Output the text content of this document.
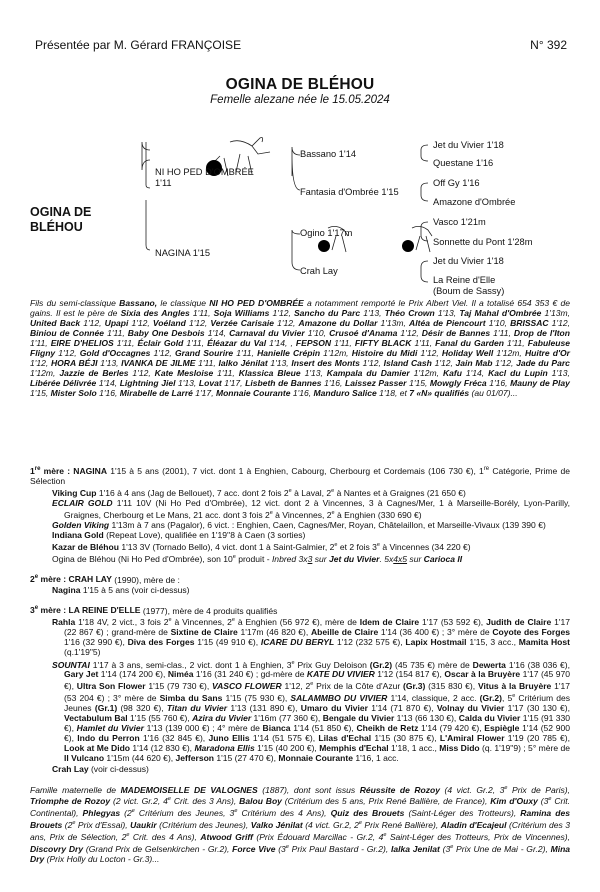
Présentée par M. Gérard FRANÇOISE	N° 392
OGINA DE BLÉHOU
Femelle alezane née le 15.05.2024
OGINA DE
BLÉHOU
NI HO PED D'OMBRÉE
1'11
NAGINA 1'15
Bassano 1'14
Fantasia d'Ombrée 1'15
Ogino 1'17m
Crah Lay
Jet du Vivier 1'18
Questane 1'16
Off Gy 1'16
Amazone d'Ombrée
Vasco 1'21m
Sonnette du Pont 1'28m
Jet du Vivier 1'18
La Reine d'Elle
(Boum de Sassy)

Fils du semi-classique Bassano, le classique NI HO PED D'OMBRÉE a notamment remporté le Prix Albert Viel. Il a totalisé 654 353 € de gains. Il est le père de Sixia des Angles 1'11, Soja Williams 1'12, Sancho du Parc 1'13, Théo Crown 1'13, Taj Mahal d'Ombrée 1'13m, United Back 1'12, Upapi 1'12, Voéland 1'12, Verzée Carisaie 1'12, Amazone du Dollar 1'13m, Altéa de Piencourt 1'10, BRISSAC 1'12, Biniou de Connée 1'11, Baby One Desbois 1'14, Carnaval du Vivier 1'10, Crusoé d'Anama 1'12, Désir de Bannes 1'11, Drop de l'Iton 1'11, EIRE D'HELIOS 1'11, Éclair Gold 1'11, Éléazar du Val 1'14, , FEPSON 1'11, FIFTY BLACK 1'11, Fanal du Garden 1'11, Fabuleuse Fligny 1'12, Gold d'Occagnes 1'12, Grand Sourire 1'11, Hanielle Crépin 1'12m, Histoire du Midi 1'12, Holiday Well 1'12m, Huitre d'Or 1'12, HORA BÉJI 1'13, IVANKA DE JILME 1'11, Ialko Jénilat 1'13, Insert des Monts 1'12, Island Cash 1'12, Jain Mab 1'12, Jade du Parc 1'12m, Jazzie de Berles 1'12, Kate Mesloise 1'11, Klassica Bleue 1'13, Kampala du Damier 1'12m, Kafu 1'14, Kacl du Lupin 1'13, Libérée Délivrée 1'14, Lightning Jiel 1'13, Lovat 1'17, Lisbeth de Bannes 1'16, Laissez Passer 1'15, Mowgly Fréca 1'16, Mauny de Play 1'15, Mister Solo 1'16, Mirabelle de Larré 1'17, Monnaie Courante 1'16, Manduro Salice 1'18, et 7 «N» qualifiés (au 01/07)...

1re mère : NAGINA 1'15 à 5 ans (2001), 7 vict. dont 1 à Enghien, Cabourg, Cherbourg et Cordemais (106 730 €), 1re Catégorie, Prime de Sélection

Viking Cup 1'16 à 4 ans (Jag de Bellouet), 7 acc. dont 2 fois 2e à Laval, 2e à Nantes et à Graignes (21 650 €)

ECLAIR GOLD 1'11 10V (Ni Ho Ped d'Ombrée), 12 vict. dont 2 à Vincennes, 3 à Cagnes/Mer, 1 à Marseille-Borély, Lyon-Parilly, Graignes, Cherbourg et Le Mans, 21 acc. dont 3 fois 2e à Vincennes, 2e à Enghien (330 690 €)

Golden Viking 1'13m à 7 ans (Pagalor), 6 vict. : Enghien, Caen, Cagnes/Mer, Royan, Châtelaillon, et Marseille-Vivaux (139 390 €)

Indiana Gold (Repeat Love), qualifiée en 1'19''8 à Caen (3 sorties)

Kazar de Bléhou 1'13 3V (Tornado Bello), 4 vict. dont 1 à Saint-Galmier, 2e et 2 fois 3e à Vincennes (34 220 €)

Ogina de Bléhou (Ni Ho Ped d'Ombrée), son 10e produit - Inbred 3x3 sur Jet du Vivier. 5x4x5 sur Carioca II

2e mère : CRAH LAY (1990), mère de :

Nagina 1'15 à 5 ans (voir ci-dessus)

3e mère : LA REINE D'ELLE (1977), mère de 4 produits qualifiés

Rahla 1'18 4V, 2 vict., 3 fois 2e à Vincennes, 2e à Enghien (56 972 €), mère de Idem de Claire 1'17 (53 592 €), Judith de Claire 1'17 (22 867 €) ; grand-mère de Sixtine de Claire 1'17m (46 820 €), Abeille de Claire 1'14 (36 400 €) ; 3° mère de Coyote des Forges 1'16 (32 990 €), Diva des Forges 1'15 (49 910 €), ICARE DU BERYL 1'12 (232 575 €), Lapix Hostmail 1'15, 3 acc., Mamita Host (q.1'19"5)

SOUNTAI 1'17 à 3 ans, semi-clas., 2 vict. dont 1 à Enghien, 3e Prix Guy Deloison (Gr.2) (45 735 €) mère de Dewerta 1'16 (38 036 €), Gary Jet 1'14 (174 200 €), Niméa 1'16 (31 240 €) ; gd-mère de KATE DU VIVIER 1'12 (154 817 €), Oscar à la Bruyère 1'17 (45 970 €), Ultra Son Flower 1'15 (79 730 €), VASCO FLOWER 1'12, 2e Prix de la Côte d'Azur (Gr.3) (315 830 €), Vitus à la Bruyère 1'17 (53 204 €) ; 3° mère de Simba du Sans 1'15 (75 930 €), SALAMMBO DU VIVIER 1'14, classique, 2 acc. (Gr.2), 5e Critérium des Jeunes (Gr.1) (98 320 €), Titan du Vivier 1'13 (131 890 €), Umaro du Vivier 1'14 (71 870 €), Volnay du Vivier 1'17 (30 130 €), Vectabulum Bal 1'15 (55 760 €), Azira du Vivier 1'16m (77 360 €), Bengale du Vivier 1'13 (66 130 €), Calda du Vivier 1'15 (91 330 €), Hamlet du Vivier 1'13 (139 000 €) ; 4° mère de Bianca 1'14 (51 850 €), Cheikh de Retz 1'14 (79 420 €), Espiègle 1'14 (52 900 €), Indo du Perron 1'16 (32 845 €), Juno Ellis 1'14 (51 575 €), Lilas d'Echal 1'15 (30 875 €), L'Amiral Flower 1'19 (20 785 €), Look at Me Dido 1'14 (12 830 €), Maradona Ellis 1'15 (40 200 €), Memphis d'Echal 1'18, 1 acc., Miss Dido (q. 1'19"9) ; 5° mère de Il Vulcano 1'15m (44 620 €), Jefferson 1'15 (27 470 €), Monnaie Courante 1'16, 1 acc.

Crah Lay (voir ci-dessus)

Famille maternelle de MADEMOISELLE DE VALOGNES (1887), dont sont issus Réussite de Rozoy (4 vict. Gr.2, 3e Prix de Paris), Triomphe de Rozoy (2 vict. Gr.2, 4e Crit. des 3 Ans), Balou Boy (Critérium des 5 ans, Prix René Ballière, de France), Kim d'Ouxy (3e Crit. Continental), Phlegyas (2e Critérium des Jeunes, 3e Critérium des 4 Ans), Quiz des Brouets (Saint-Léger des Trotteurs), Ramina des Brouets (2e Prix d'Essai), Uaukir (Critérium des Jeunes), Valko Jénilat (4 vict. Gr.2, 2e Prix René Ballière), Aladin d'Ecajeul (Critérium des 3 ans, Prix de Sélection, 2e Crit. des 4 Ans), Atwood Griff (Prix Édouard Marcillac - Gr.2, 4e Saint-Léger des Trotteurs, Prix de Vincennes), Discovry Dry (Grand Prix de Gelsenkirchen - Gr.2), Force Vive (3e Prix Paul Bastard - Gr.2), Ialka Jenilat (3e Prix Une de Mai - Gr.2), Mina Dry (Prix Holly du Locton - Gr.3)...
